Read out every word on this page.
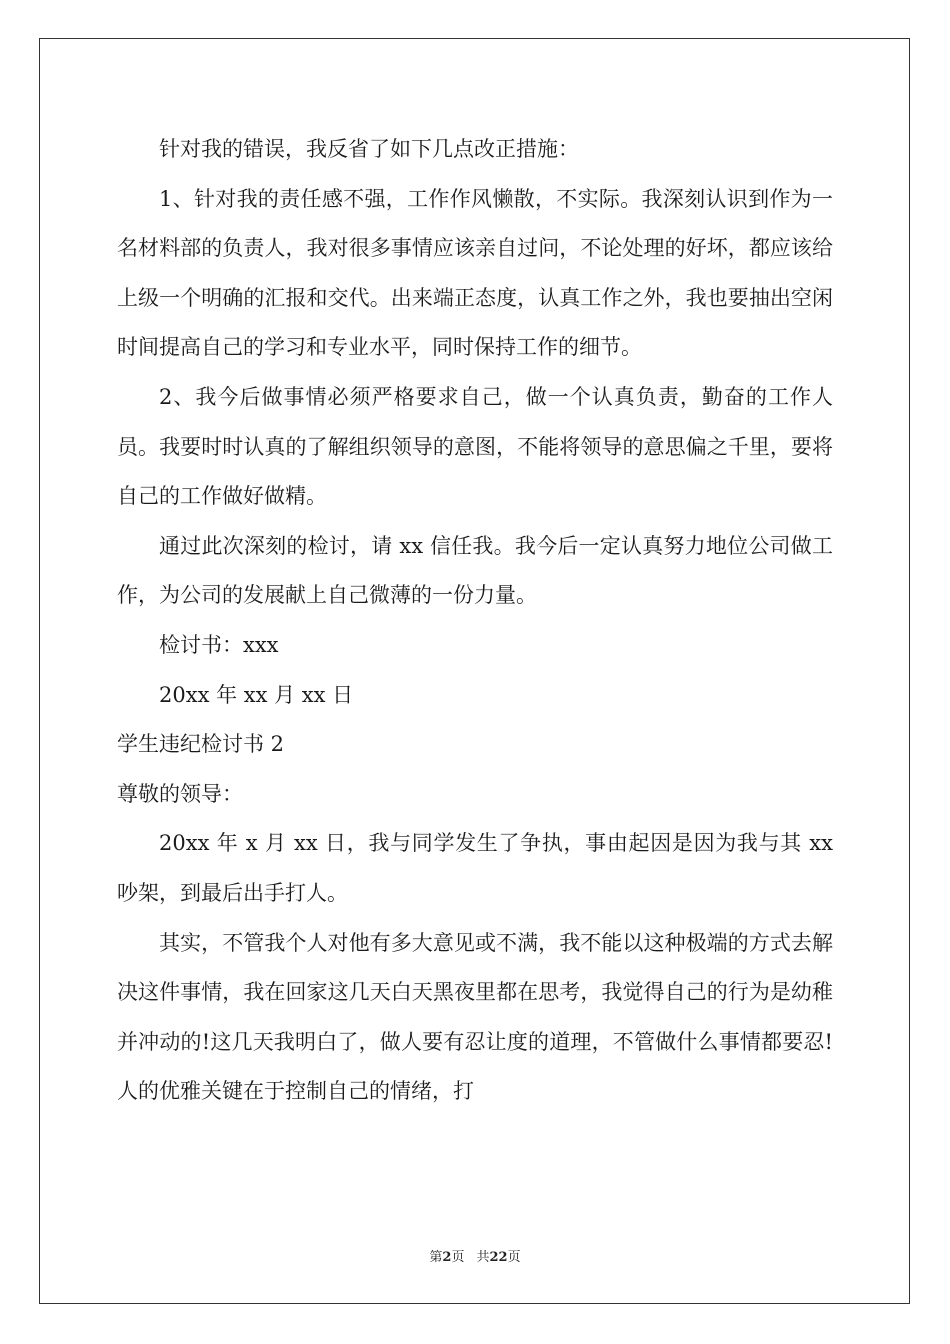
针对我的错误，我反省了如下几点改正措施：

1、针对我的责任感不强，工作作风懒散，不实际。我深刻认识到作为一名材料部的负责人，我对很多事情应该亲自过问，不论处理的好坏，都应该给上级一个明确的汇报和交代。出来端正态度，认真工作之外，我也要抽出空闲时间提高自己的学习和专业水平，同时保持工作的细节。

2、我今后做事情必须严格要求自己，做一个认真负责，勤奋的工作人员。我要时时认真的了解组织领导的意图，不能将领导的意思偏之千里，要将自己的工作做好做精。

通过此次深刻的检讨，请 xx 信任我。我今后一定认真努力地位公司做工作，为公司的发展献上自己微薄的一份力量。

检讨书：xxx

20xx 年 xx 月 xx 日

学生违纪检讨书 2

尊敬的领导：

20xx 年 x 月 xx 日，我与同学发生了争执，事由起因是因为我与其 xx 吵架，到最后出手打人。

其实，不管我个人对他有多大意见或不满，我不能以这种极端的方式去解决这件事情，我在回家这几天白天黑夜里都在思考，我觉得自己的行为是幼稚并冲动的!这几天我明白了，做人要有忍让度的道理，不管做什么事情都要忍!人的优雅关键在于控制自己的情绪，打

第2页 共22页
